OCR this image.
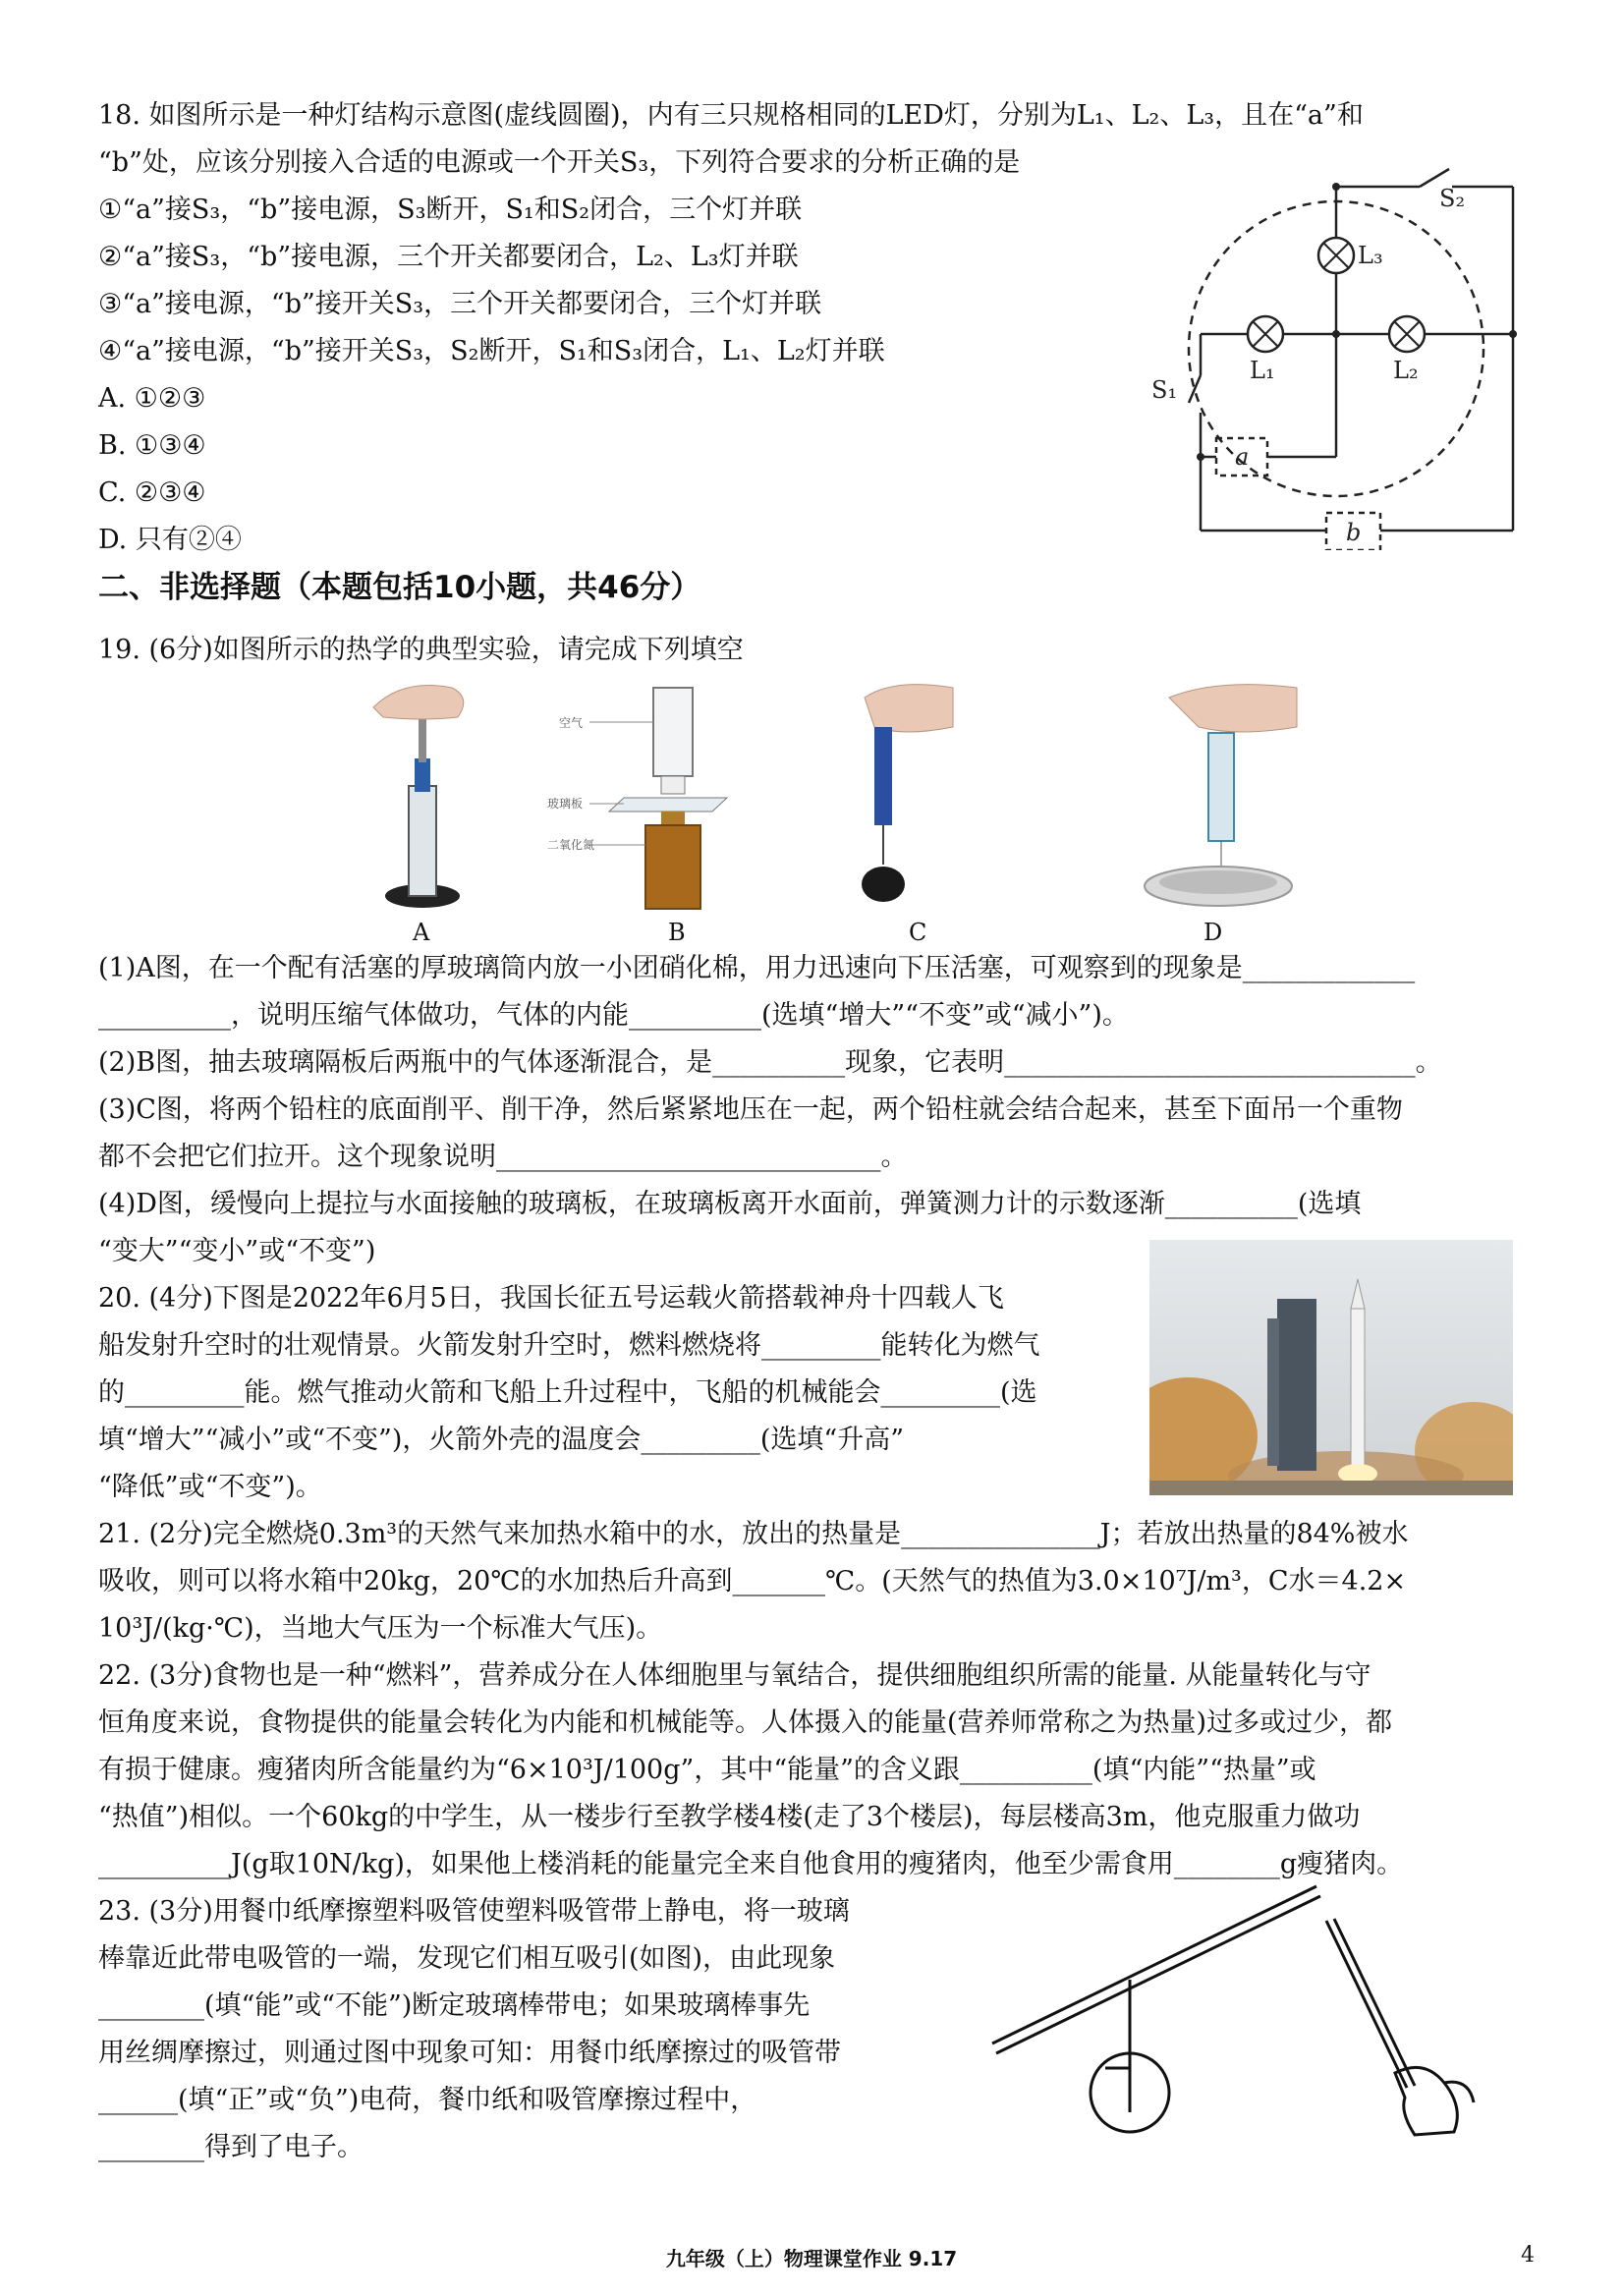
18. 如图所示是一种灯结构示意图(虚线圆圈)，内有三只规格相同的LED灯，分别为L₁、L₂、L₃，且在“a”和
“b”处，应该分别接入合适的电源或一个开关S₃，下列符合要求的分析正确的是
①“a”接S₃，“b”接电源，S₃断开，S₁和S₂闭合，三个灯并联
②“a”接S₃，“b”接电源，三个开关都要闭合，L₂、L₃灯并联
③“a”接电源，“b”接开关S₃，三个开关都要闭合，三个灯并联
④“a”接电源，“b”接开关S₃，S₂断开，S₁和S₃闭合，L₁、L₂灯并联
A. ①②③
B. ①③④
C. ②③④
D. 只有②④
S₂
L₃
L₁	L₂
S₁
a
b
二、非选择题（本题包括10小题，共46分）
19. (6分)如图所示的热学的典型实验，请完成下列填空
空气
玻璃板
二氧化氮
A	B	C	D
(1)A图，在一个配有活塞的厚玻璃筒内放一小团硝化棉，用力迅速向下压活塞，可观察到的现象是_____________
__________，说明压缩气体做功，气体的内能__________(选填“增大”“不变”或“减小”)。
(2)B图，抽去玻璃隔板后两瓶中的气体逐渐混合，是__________现象，它表明_______________________________。
(3)C图，将两个铅柱的底面削平、削干净，然后紧紧地压在一起，两个铅柱就会结合起来，甚至下面吊一个重物
都不会把它们拉开。这个现象说明_____________________________。
(4)D图，缓慢向上提拉与水面接触的玻璃板，在玻璃板离开水面前，弹簧测力计的示数逐渐__________(选填
“变大”“变小”或“不变”)
20. (4分)下图是2022年6月5日，我国长征五号运载火箭搭载神舟十四载人飞
船发射升空时的壮观情景。火箭发射升空时，燃料燃烧将_________能转化为燃气
的_________能。燃气推动火箭和飞船上升过程中，飞船的机械能会_________(选
填“增大”“减小”或“不变”)，火箭外壳的温度会_________(选填“升高”
“降低”或“不变”)。
21. (2分)完全燃烧0.3m³的天然气来加热水箱中的水，放出的热量是_______________J；若放出热量的84%被水
吸收，则可以将水箱中20kg，20℃的水加热后升高到_______℃。(天然气的热值为3.0×10⁷J/m³，C水＝4.2×
10³J/(kg·℃)，当地大气压为一个标准大气压)。
22. (3分)食物也是一种“燃料”，营养成分在人体细胞里与氧结合，提供细胞组织所需的能量. 从能量转化与守
恒角度来说，食物提供的能量会转化为内能和机械能等。人体摄入的能量(营养师常称之为热量)过多或过少，都
有损于健康。瘦猪肉所含能量约为“6×10³J/100g”，其中“能量”的含义跟__________(填“内能”“热量”或
“热值”)相似。一个60kg的中学生，从一楼步行至教学楼4楼(走了3个楼层)，每层楼高3m，他克服重力做功
__________J(g取10N/kg)，如果他上楼消耗的能量完全来自他食用的瘦猪肉，他至少需食用________g瘦猪肉。
23. (3分)用餐巾纸摩擦塑料吸管使塑料吸管带上静电，将一玻璃
棒靠近此带电吸管的一端，发现它们相互吸引(如图)，由此现象
________(填“能”或“不能”)断定玻璃棒带电；如果玻璃棒事先
用丝绸摩擦过，则通过图中现象可知：用餐巾纸摩擦过的吸管带
______(填“正”或“负”)电荷，餐巾纸和吸管摩擦过程中，
________得到了电子。
九年级（上）物理课堂作业 9.17	4
